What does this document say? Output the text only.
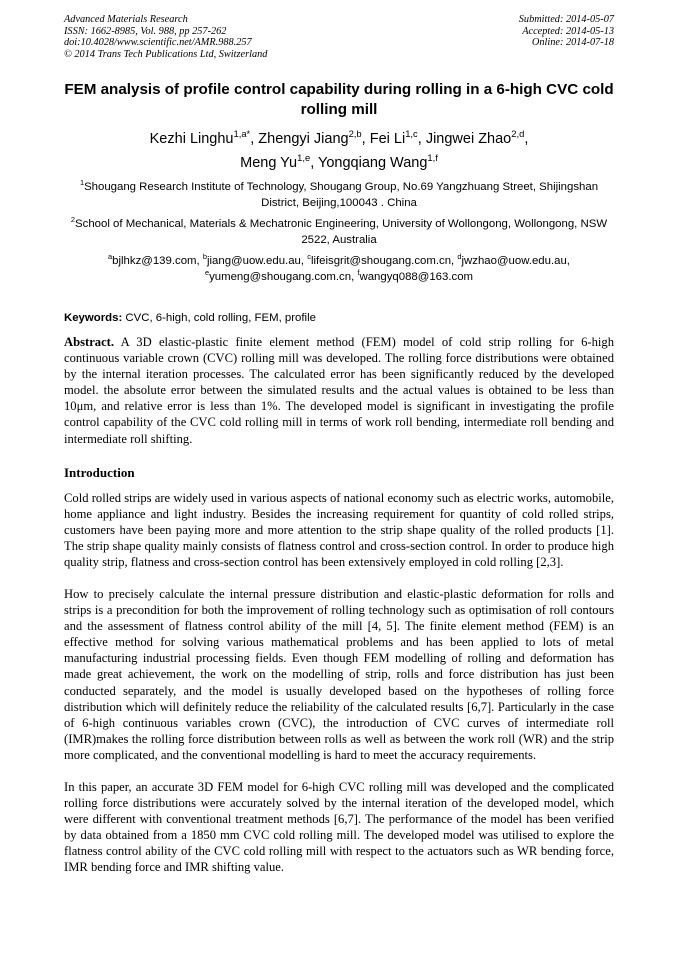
Advanced Materials Research
ISSN: 1662-8985, Vol. 988, pp 257-262
doi:10.4028/www.scientific.net/AMR.988.257
© 2014 Trans Tech Publications Ltd, Switzerland
Submitted: 2014-05-07
Accepted: 2014-05-13
Online: 2014-07-18
FEM analysis of profile control capability during rolling in a 6-high CVC cold rolling mill
Kezhi Linghu$^{1,a*}$, Zhengyi Jiang$^{2,b}$, Fei Li$^{1,c}$, Jingwei Zhao$^{2,d}$,
Meng Yu$^{1,e}$, Yongqiang Wang$^{1,f}$
$^1$Shougang Research Institute of Technology, Shougang Group, No.69 Yangzhuang Street, Shijingshan District, Beijing,100043 . China
$^2$School of Mechanical, Materials & Mechatronic Engineering, University of Wollongong, Wollongong, NSW 2522, Australia
$^a$bjlhkz@139.com, $^b$jiang@uow.edu.au, $^c$lifeisgrit@shougang.com.cn, $^d$jwzhao@uow.edu.au,
$^e$yumeng@shougang.com.cn, $^f$wangyq088@163.com
Keywords: CVC, 6-high, cold rolling, FEM, profile
Abstract. A 3D elastic-plastic finite element method (FEM) model of cold strip rolling for 6-high continuous variable crown (CVC) rolling mill was developed. The rolling force distributions were obtained by the internal iteration processes. The calculated error has been significantly reduced by the developed model. the absolute error between the simulated results and the actual values is obtained to be less than 10μm, and relative error is less than 1%. The developed model is significant in investigating the profile control capability of the CVC cold rolling mill in terms of work roll bending, intermediate roll bending and intermediate roll shifting.
Introduction
Cold rolled strips are widely used in various aspects of national economy such as electric works, automobile, home appliance and light industry. Besides the increasing requirement for quantity of cold rolled strips, customers have been paying more and more attention to the strip shape quality of the rolled products [1]. The strip shape quality mainly consists of flatness control and cross-section control. In order to produce high quality strip, flatness and cross-section control has been extensively employed in cold rolling [2,3].
How to precisely calculate the internal pressure distribution and elastic-plastic deformation for rolls and strips is a precondition for both the improvement of rolling technology such as optimisation of roll contours and the assessment of flatness control ability of the mill [4, 5]. The finite element method (FEM) is an effective method for solving various mathematical problems and has been applied to lots of metal manufacturing industrial processing fields. Even though FEM modelling of rolling and deformation has made great achievement, the work on the modelling of strip, rolls and force distribution has just been conducted separately, and the model is usually developed based on the hypotheses of rolling force distribution which will definitely reduce the reliability of the calculated results [6,7]. Particularly in the case of 6-high continuous variables crown (CVC), the introduction of CVC curves of intermediate roll (IMR)makes the rolling force distribution between rolls as well as between the work roll (WR) and the strip more complicated, and the conventional modelling is hard to meet the accuracy requirements.
In this paper, an accurate 3D FEM model for 6-high CVC rolling mill was developed and the complicated rolling force distributions were accurately solved by the internal iteration of the developed model, which were different with conventional treatment methods [6,7]. The performance of the model has been verified by data obtained from a 1850 mm CVC cold rolling mill. The developed model was utilised to explore the flatness control ability of the CVC cold rolling mill with respect to the actuators such as WR bending force, IMR bending force and IMR shifting value.
